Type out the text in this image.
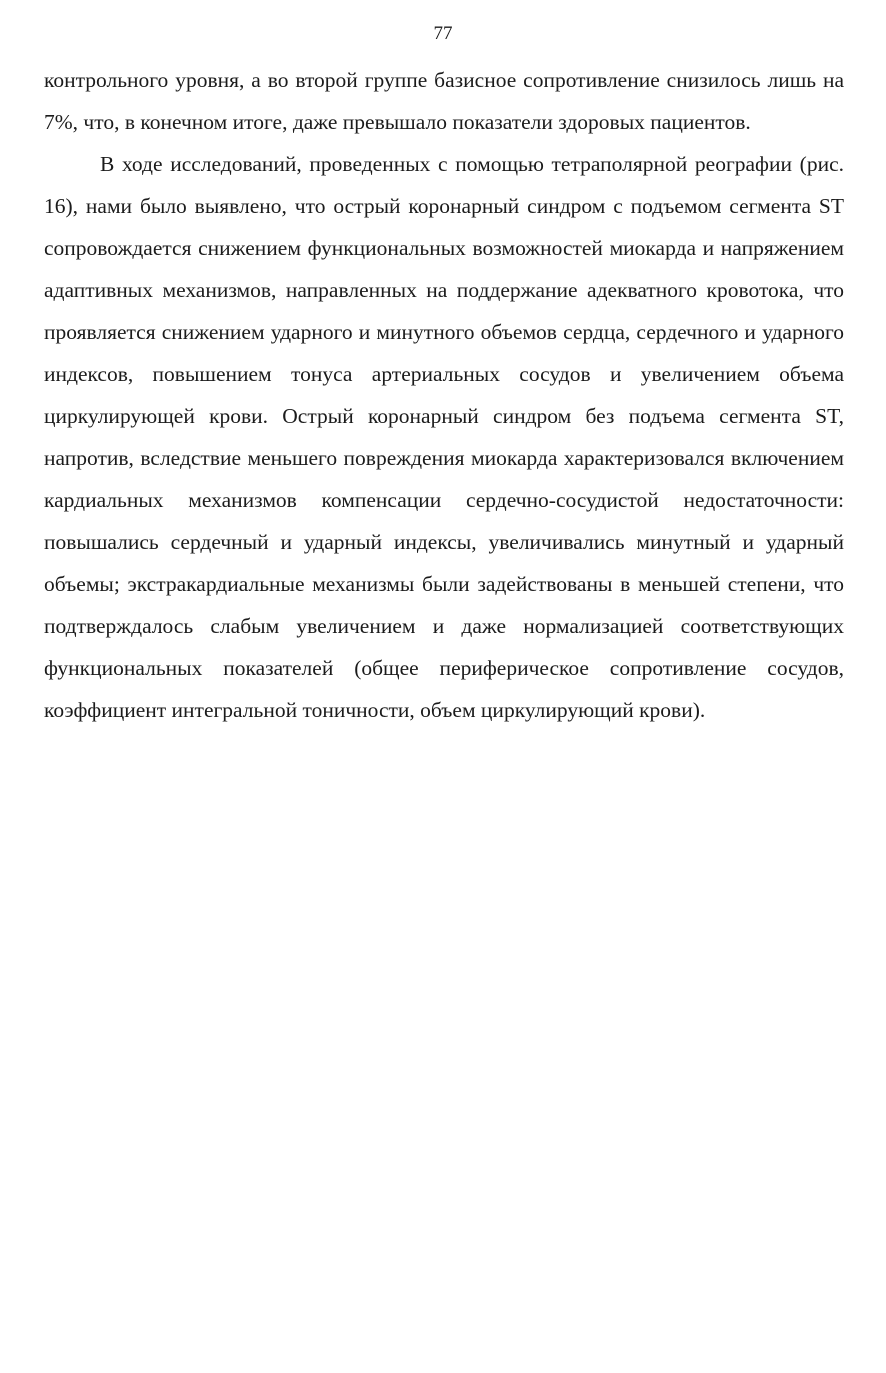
77

контрольного уровня, а во второй группе базисное сопротивление снизилось лишь на 7%, что, в конечном итоге, даже превышало показатели здоровых пациентов.

В ходе исследований, проведенных с помощью тетраполярной реографии (рис. 16), нами было выявлено, что острый коронарный синдром с подъемом сегмента ST сопровождается снижением функциональных возможностей миокарда и напряжением адаптивных механизмов, направленных на поддержание адекватного кровотока, что проявляется снижением ударного и минутного объемов сердца, сердечного и ударного индексов, повышением тонуса артериальных сосудов и увеличением объема циркулирующей крови. Острый коронарный синдром без подъема сегмента ST, напротив, вследствие меньшего повреждения миокарда характеризовался включением кардиальных механизмов компенсации сердечно-сосудистой недостаточности: повышались сердечный и ударный индексы, увеличивались минутный и ударный объемы; экстракардиальные механизмы были задействованы в меньшей степени, что подтверждалось слабым увеличением и даже нормализацией соответствующих функциональных показателей (общее периферическое сопротивление сосудов, коэффициент интегральной тоничности, объем циркулирующий крови).
